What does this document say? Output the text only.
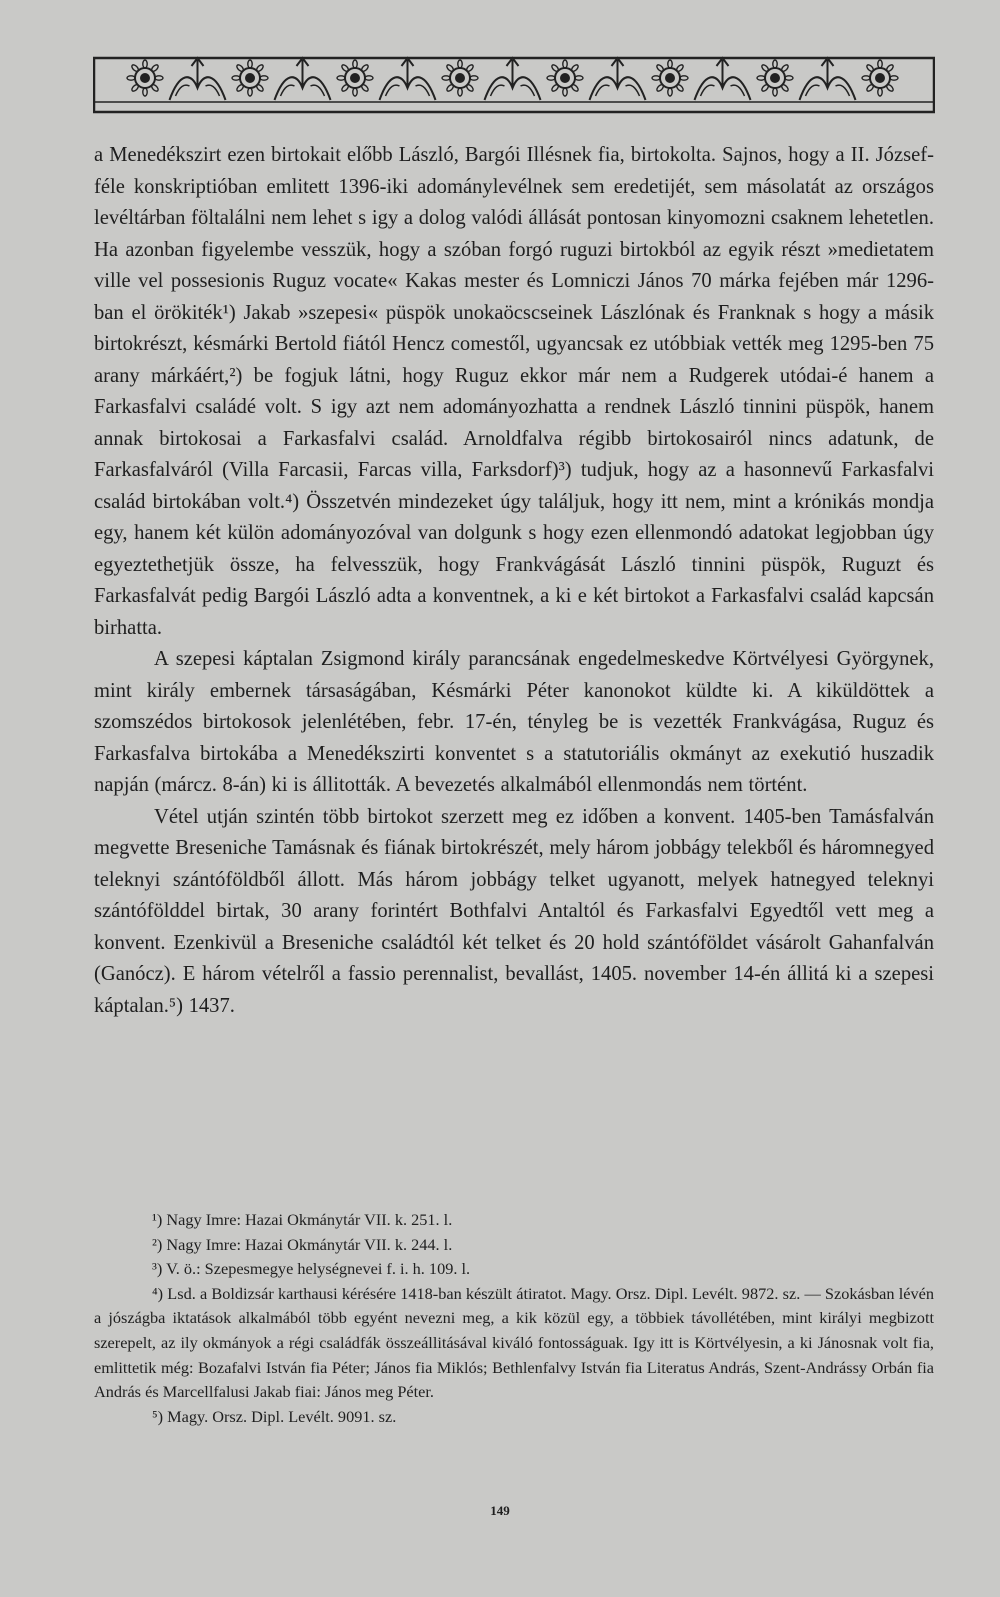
a Menedékszirt ezen birtokait előbb László, Bargói Illésnek fia, birtokolta. Sajnos, hogy a II. József-féle konskriptióban emlitett 1396-iki adománylevélnek sem eredetijét, sem másolatát az országos levéltárban föltalálni nem lehet s igy a dolog valódi állását pontosan kinyomozni csaknem lehetetlen. Ha azonban figyelembe vesszük, hogy a szóban forgó ruguzi birtokból az egyik részt »medietatem ville vel possesionis Ruguz vocate« Kakas mester és Lomniczi János 70 márka fejében már 1296-ban el örökiték¹) Jakab »szepesi« püspök unokaöcscseinek Lászlónak és Franknak s hogy a másik birtokrészt, késmárki Bertold fiától Hencz comestől, ugyancsak ez utóbbiak vették meg 1295-ben 75 arany márkáért,²) be fogjuk látni, hogy Ruguz ekkor már nem a Rudgerek utódai-é hanem a Farkasfalvi családé volt. S igy azt nem adományozhatta a rendnek László tinnini püspök, hanem annak birtokosai a Farkasfalvi család. Arnoldfalva régibb birtokosairól nincs adatunk, de Farkasfalváról (Villa Farcasii, Farcas villa, Farksdorf)³) tudjuk, hogy az a hasonnevű Farkasfalvi család birtokában volt.⁴) Összetvén mindezeket úgy találjuk, hogy itt nem, mint a krónikás mondja egy, hanem két külön adományozóval van dolgunk s hogy ezen ellenmondó adatokat legjobban úgy egyeztethetjük össze, ha felvesszük, hogy Frankvágását László tinnini püspök, Ruguzt és Farkasfalvát pedig Bargói László adta a konventnek, a ki e két birtokot a Farkasfalvi család kapcsán birhatta.

A szepesi káptalan Zsigmond király parancsának engedelmeskedve Körtvélyesi Györgynek, mint király embernek társaságában, Késmárki Péter kanonokot küldte ki. A kiküldöttek a szomszédos birtokosok jelenlétében, febr. 17-én, tényleg be is vezették Frankvágása, Ruguz és Farkasfalva birtokába a Menedékszirti konventet s a statutoriális okmányt az exekutió huszadik napján (márcz. 8-án) ki is állitották. A bevezetés alkalmából ellenmondás nem történt.

Vétel utján szintén több birtokot szerzett meg ez időben a konvent. 1405-ben Tamásfalván megvette Breseniche Tamásnak és fiának birtokrészét, mely három jobbágy telekből és háromnegyed teleknyi szántóföldből állott. Más három jobbágy telket ugyanott, melyek hatnegyed teleknyi szántófölddel birtak, 30 arany forintért Bothfalvi Antaltól és Farkasfalvi Egyedtől vett meg a konvent. Ezenkivül a Breseniche családtól két telket és 20 hold szántóföldet vásárolt Gahanfalván (Ganócz). E három vételről a fassio perennalist, bevallást, 1405. november 14-én állitá ki a szepesi káptalan.⁵) 1437.

¹) Nagy Imre: Hazai Okmánytár VII. k. 251. l.

²) Nagy Imre: Hazai Okmánytár VII. k. 244. l.

³) V. ö.: Szepesmegye helységnevei f. i. h. 109. l.

⁴) Lsd. a Boldizsár karthausi kérésére 1418-ban készült átiratot. Magy. Orsz. Dipl. Levélt. 9872. sz. — Szokásban lévén a jószágba iktatások alkalmából több egyént nevezni meg, a kik közül egy, a többiek távollétében, mint királyi megbizott szerepelt, az ily okmányok a régi családfák összeállitásával kiváló fontosságuak. Igy itt is Körtvélyesin, a ki Jánosnak volt fia, emlittetik még: Bozafalvi István fia Péter; János fia Miklós; Bethlenfalvy István fia Literatus András, Szent-Andrássy Orbán fia András és Marcellfalusi Jakab fiai: János meg Péter.

⁵) Magy. Orsz. Dipl. Levélt. 9091. sz.

149
